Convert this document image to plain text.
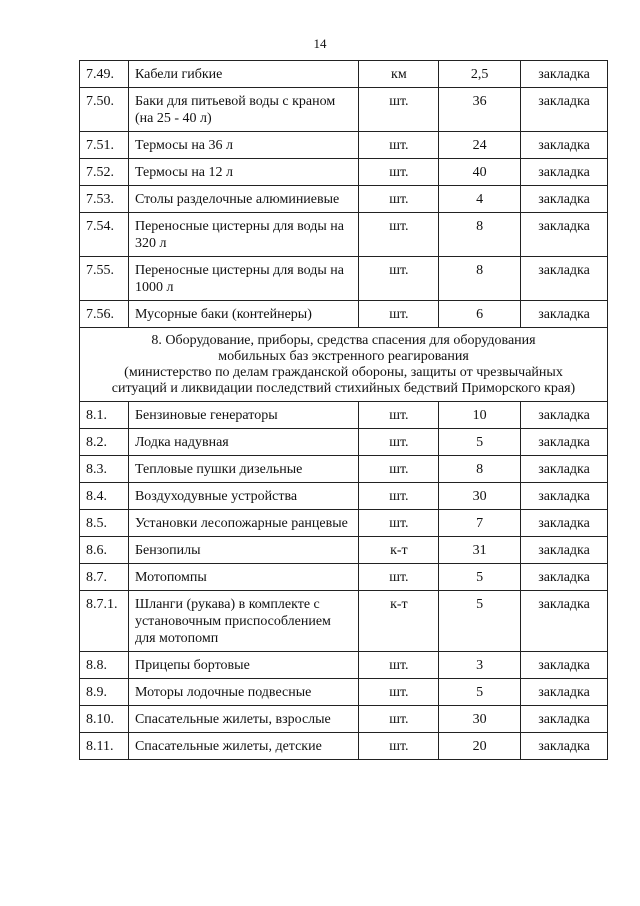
14
7.49.	Кабели гибкие	км	2,5	закладка
7.50.	Баки для питьевой воды с краном (на 25 - 40 л)	шт.	36	закладка
7.51.	Термосы на 36 л	шт.	24	закладка
7.52.	Термосы на 12 л	шт.	40	закладка
7.53.	Столы разделочные алюминиевые	шт.	4	закладка
7.54.	Переносные цистерны для воды на 320 л	шт.	8	закладка
7.55.	Переносные цистерны для воды на 1000 л	шт.	8	закладка
7.56.	Мусорные баки (контейнеры)	шт.	6	закладка

8. Оборудование, приборы, средства спасения для оборудования
мобильных баз экстренного реагирования
(министерство по делам гражданской обороны, защиты от чрезвычайных
ситуаций и ликвидации последствий стихийных бедствий Приморского края)				

8.1.	Бензиновые генераторы	шт.	10	закладка
8.2.	Лодка надувная	шт.	5	закладка
8.3.	Тепловые пушки дизельные	шт.	8	закладка
8.4.	Воздуходувные устройства	шт.	30	закладка
8.5.	Установки лесопожарные ранцевые	шт.	7	закладка
8.6.	Бензопилы	к-т	31	закладка
8.7.	Мотопомпы	шт.	5	закладка
8.7.1.	Шланги (рукава) в комплекте с установочным приспособлением для мотопомп	к-т	5	закладка
8.8.	Прицепы бортовые	шт.	3	закладка
8.9.	Моторы лодочные подвесные	шт.	5	закладка
8.10.	Спасательные жилеты, взрослые	шт.	30	закладка
8.11.	Спасательные жилеты, детские	шт.	20	закладка
